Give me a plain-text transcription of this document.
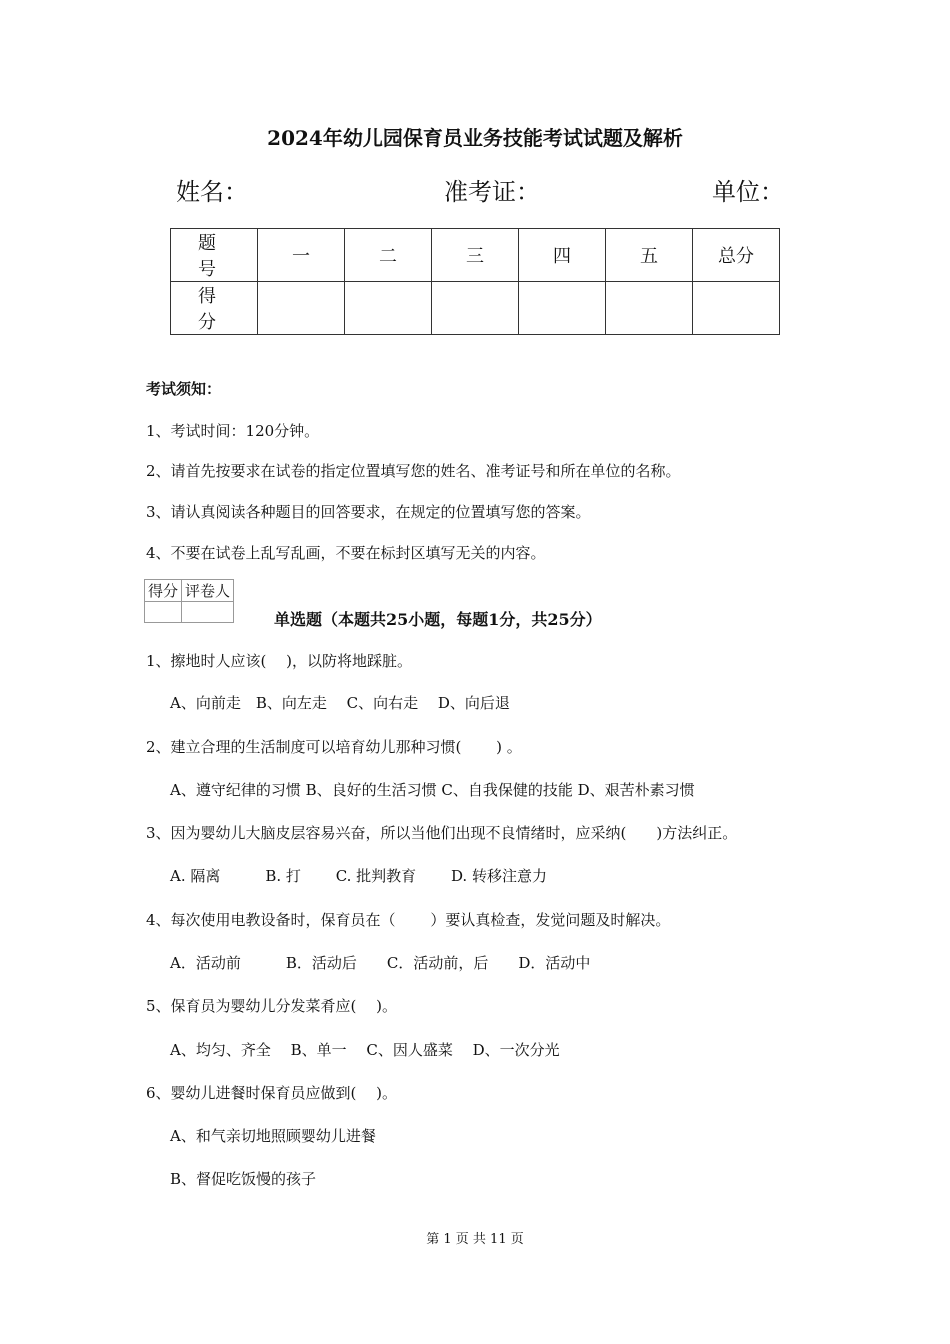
2024年幼儿园保育员业务技能考试试题及解析
姓名：	准考证：	单位：
题　号	一	二	三	四	五	总分
得　分						
考试须知：
1、考试时间：120分钟。
2、请首先按要求在试卷的指定位置填写您的姓名、准考证号和所在单位的名称。
3、请认真阅读各种题目的回答要求，在规定的位置填写您的答案。
4、不要在试卷上乱写乱画，不要在标封区填写无关的内容。
得分	评卷人

单选题（本题共25小题，每题1分，共25分）
1、擦地时人应该(　 )，以防将地踩脏。
A、向前走　B、向左走　 C、向右走　 D、向后退
2、建立合理的生活制度可以培育幼儿那种习惯(　　 ) 。
A、遵守纪律的习惯 B、良好的生活习惯 C、自我保健的技能 D、艰苦朴素习惯
3、因为婴幼儿大脑皮层容易兴奋，所以当他们出现不良情绪时，应采纳(　　)方法纠正。
A. 隔离　　　B. 打　　 C. 批判教育　　 D. 转移注意力
4、每次使用电教设备时，保育员在（　　 ）要认真检查，发觉问题及时解决。
A．活动前　　　B．活动后　　C．活动前，后　　D．活动中
5、保育员为婴幼儿分发菜肴应(　 )。
A、均匀、齐全　 B、单一　 C、因人盛菜　 D、一次分光
6、婴幼儿进餐时保育员应做到(　 )。
A、和气亲切地照顾婴幼儿进餐
B、督促吃饭慢的孩子
第 1 页 共 11 页
